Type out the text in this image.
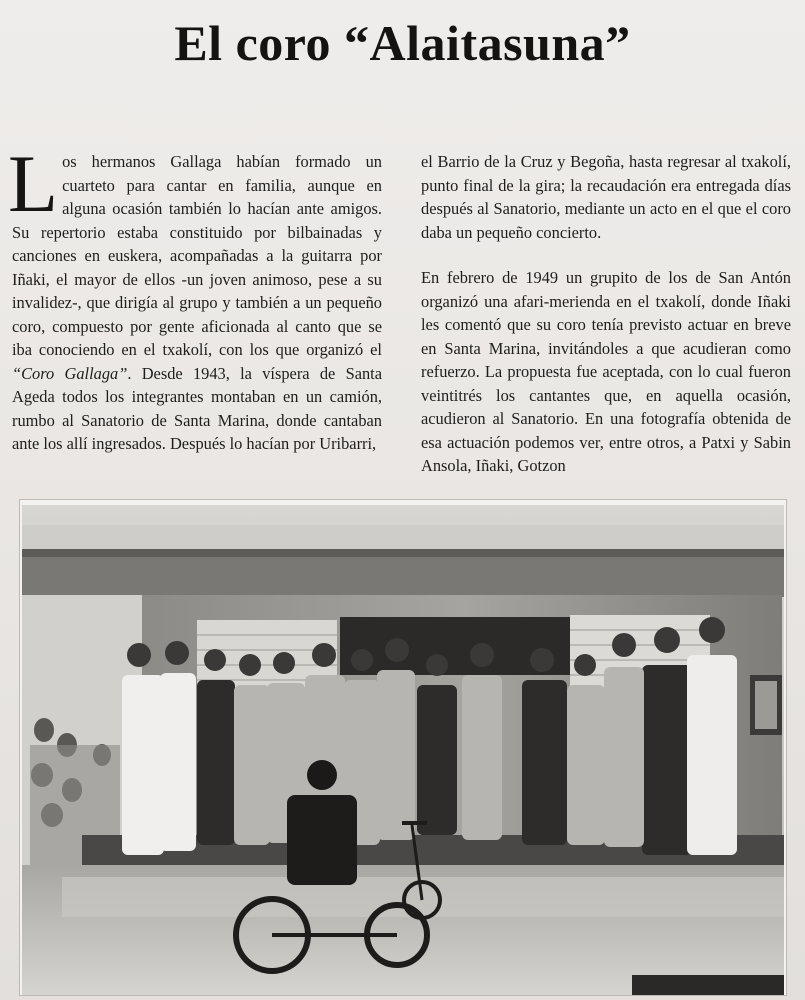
El coro “Alaitasuna”

Los hermanos Gallaga habían formado un cuarteto para cantar en familia, aunque en alguna ocasión también lo hacían ante amigos. Su repertorio estaba constituido por bilbainadas y canciones en euskera, acompañadas a la guitarra por Iñaki, el mayor de ellos -un joven animoso, pese a su invalidez-, que dirigía al grupo y también a un pequeño coro, compuesto por gente aficionada al canto que se iba conociendo en el txakolí, con los que organizó el “Coro Gallaga”. Desde 1943, la víspera de Santa Ageda todos los integrantes montaban en un camión, rumbo al Sanatorio de Santa Marina, donde cantaban ante los allí ingresados. Después lo hacían por Uribarri,

el Barrio de la Cruz y Begoña, hasta regresar al txakolí, punto final de la gira; la recaudación era entregada días después al Sanatorio, mediante un acto en el que el coro daba un pequeño concierto.

En febrero de 1949 un grupito de los de San Antón organizó una afari-merienda en el txakolí, donde Iñaki les comentó que su coro tenía previsto actuar en breve en Santa Marina, invitándoles a que acudieran como refuerzo. La propuesta fue aceptada, con lo cual fueron veintitrés los cantantes que, en aquella ocasión, acudieron al Sanatorio. En una fotografía obtenida de esa actuación podemos ver, entre otros, a Patxi y Sabin Ansola, Iñaki, Gotzon
